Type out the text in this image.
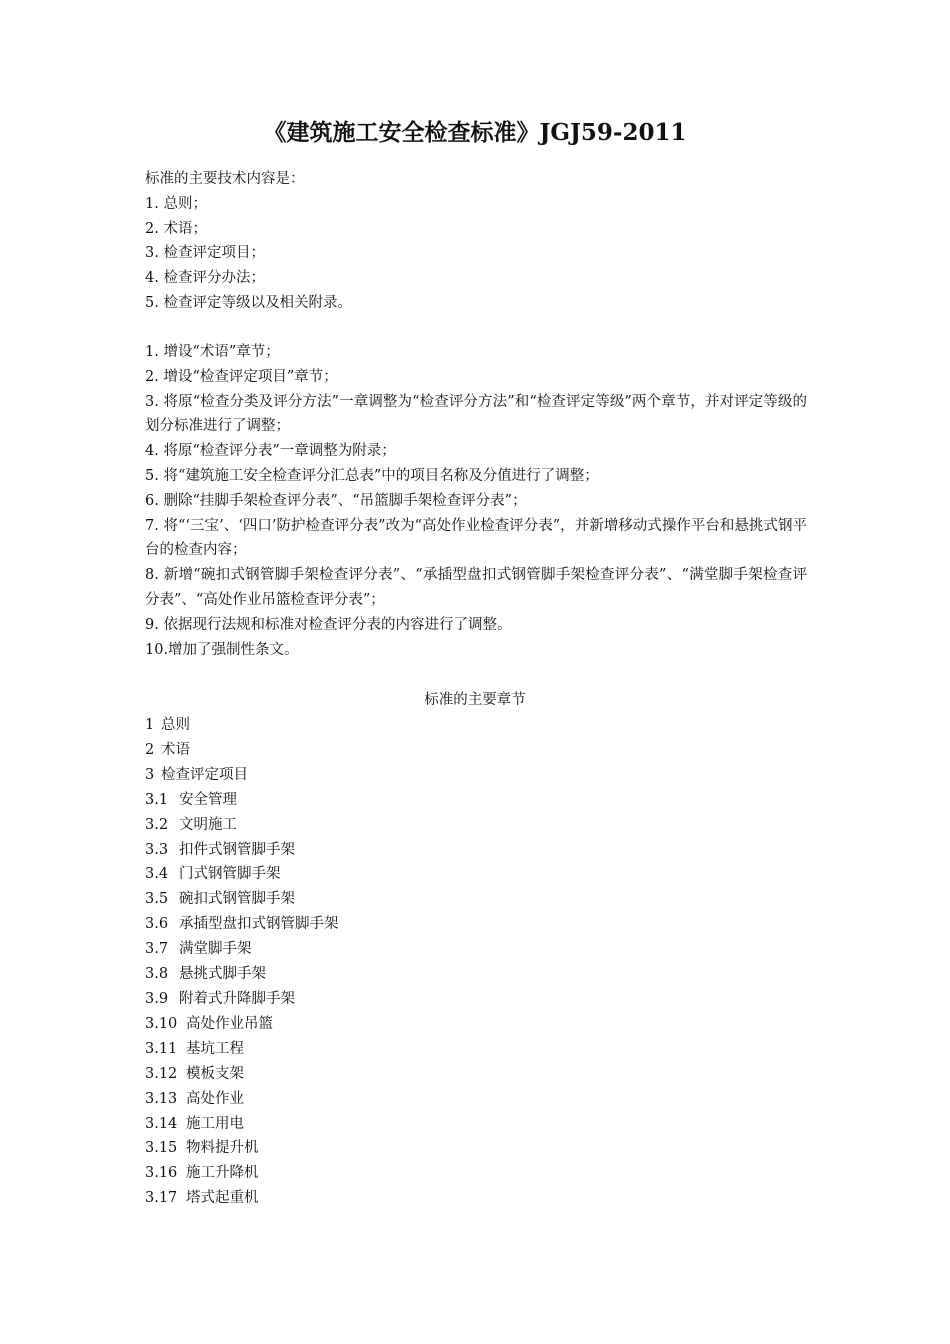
《建筑施工安全检查标准》JGJ59-2011
标准的主要技术内容是：
1. 总则；
2. 术语；
3. 检查评定项目；
4. 检查评分办法；
5. 检查评定等级以及相关附录。
1. 增设“术语”章节；
2. 增设“检查评定项目”章节；
3. 将原“检查分类及评分方法”一章调整为“检查评分方法”和“检查评定等级”两个章节，并对评定等级的划分标准进行了调整；
4. 将原“检查评分表”一章调整为附录；
5. 将“建筑施工安全检查评分汇总表”中的项目名称及分值进行了调整；
6. 删除“挂脚手架检查评分表”、“吊篮脚手架检查评分表”；
7. 将“‘三宝’、‘四口’防护检查评分表”改为“高处作业检查评分表”，并新增移动式操作平台和悬挑式钢平台的检查内容；
8. 新增“碗扣式钢管脚手架检查评分表”、“承插型盘扣式钢管脚手架检查评分表”、“满堂脚手架检查评分表”、“高处作业吊篮检查评分表”；
9. 依据现行法规和标准对检查评分表的内容进行了调整。
10.增加了强制性条文。
标准的主要章节
1 总则
2 术语
3 检查评定项目
3.1 安全管理
3.2 文明施工
3.3 扣件式钢管脚手架
3.4 门式钢管脚手架
3.5 碗扣式钢管脚手架
3.6 承插型盘扣式钢管脚手架
3.7 满堂脚手架
3.8 悬挑式脚手架
3.9 附着式升降脚手架
3.10 高处作业吊篮
3.11 基坑工程
3.12 模板支架
3.13 高处作业
3.14 施工用电
3.15 物料提升机
3.16 施工升降机
3.17 塔式起重机
